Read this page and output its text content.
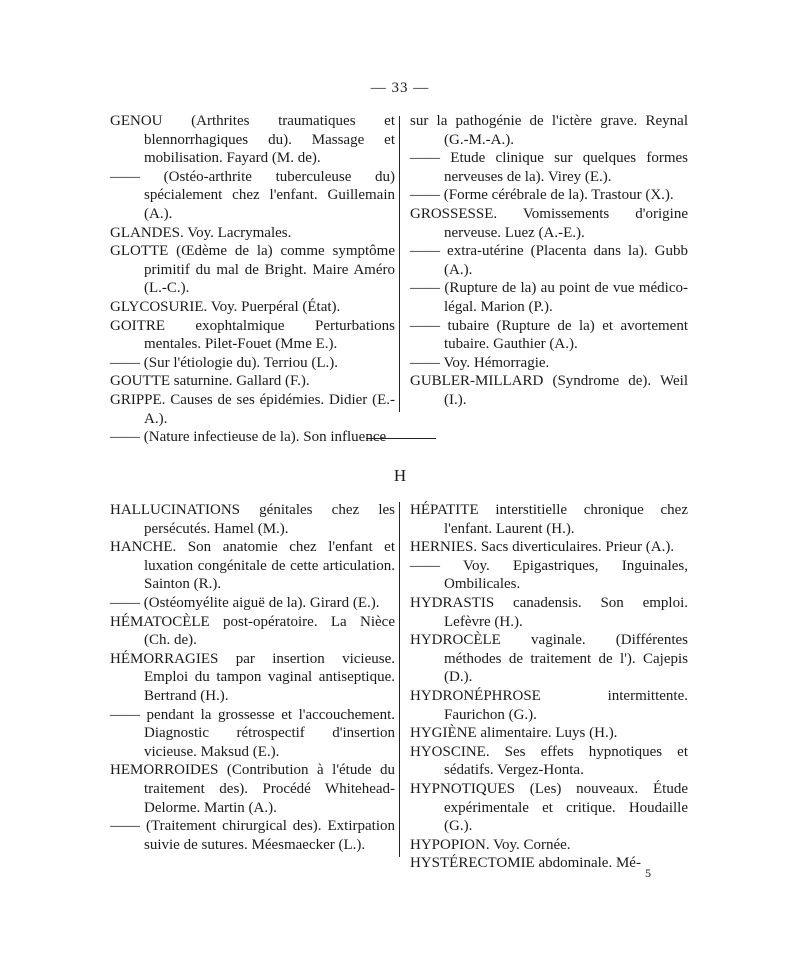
— 33 —
GENOU (Arthrites traumatiques et blennorrhagiques du). Massage et mobilisation. Fayard (M. de).
—— (Ostéo-arthrite tuberculeuse du) spécialement chez l'enfant. Guillemain (A.).
GLANDES. Voy. Lacrymales.
GLOTTE (Œdème de la) comme symptôme primitif du mal de Bright. Maire Améro (L.-C.).
GLYCOSURIE. Voy. Puerpéral (État).
GOITRE exophtalmique Perturbations mentales. Pilet-Fouet (Mme E.).
—— (Sur l'étiologie du). Terriou (L.).
GOUTTE saturnine. Gallard (F.).
GRIPPE. Causes de ses épidémies. Didier (E.-A.).
—— (Nature infectieuse de la). Son influence
sur la pathogénie de l'ictère grave. Reynal (G.-M.-A.).
—— Etude clinique sur quelques formes nerveuses de la). Virey (E.).
—— (Forme cérébrale de la). Trastour (X.).
GROSSESSE. Vomissements d'origine nerveuse. Luez (A.-E.).
—— extra-utérine (Placenta dans la). Gubb (A.).
—— (Rupture de la) au point de vue médico-légal. Marion (P.).
—— tubaire (Rupture de la) et avortement tubaire. Gauthier (A.).
—— Voy. Hémorragie.
GUBLER-MILLARD (Syndrome de). Weil (I.).
H
HALLUCINATIONS génitales chez les persécutés. Hamel (M.).
HANCHE. Son anatomie chez l'enfant et luxation congénitale de cette articulation. Sainton (R.).
—— (Ostéomyélite aiguë de la). Girard (E.).
HÉMATOCÈLE post-opératoire. La Nièce (Ch. de).
HÉMORRAGIES par insertion vicieuse. Emploi du tampon vaginal antiseptique. Bertrand (H.).
—— pendant la grossesse et l'accouchement. Diagnostic rétrospectif d'insertion vicieuse. Maksud (E.).
HEMORROIDES (Contribution à l'étude du traitement des). Procédé Whitehead-Delorme. Martin (A.).
—— (Traitement chirurgical des). Extirpation suivie de sutures. Méesmaecker (L.).
HÉPATITE interstitielle chronique chez l'enfant. Laurent (H.).
HERNIES. Sacs diverticulaires. Prieur (A.).
—— Voy. Epigastriques, Inguinales, Ombilicales.
HYDRASTIS canadensis. Son emploi. Lefèvre (H.).
HYDROCÈLE vaginale. (Différentes méthodes de traitement de l'). Cajepis (D.).
HYDRONÉPHROSE intermittente. Faurichon (G.).
HYGIÈNE alimentaire. Luys (H.).
HYOSCINE. Ses effets hypnotiques et sédatifs. Vergez-Honta.
HYPNOTIQUES (Les) nouveaux. Étude expérimentale et critique. Houdaille (G.).
HYPOPION. Voy. Cornée.
HYSTÉRECTOMIE abdominale. Mé-
5
